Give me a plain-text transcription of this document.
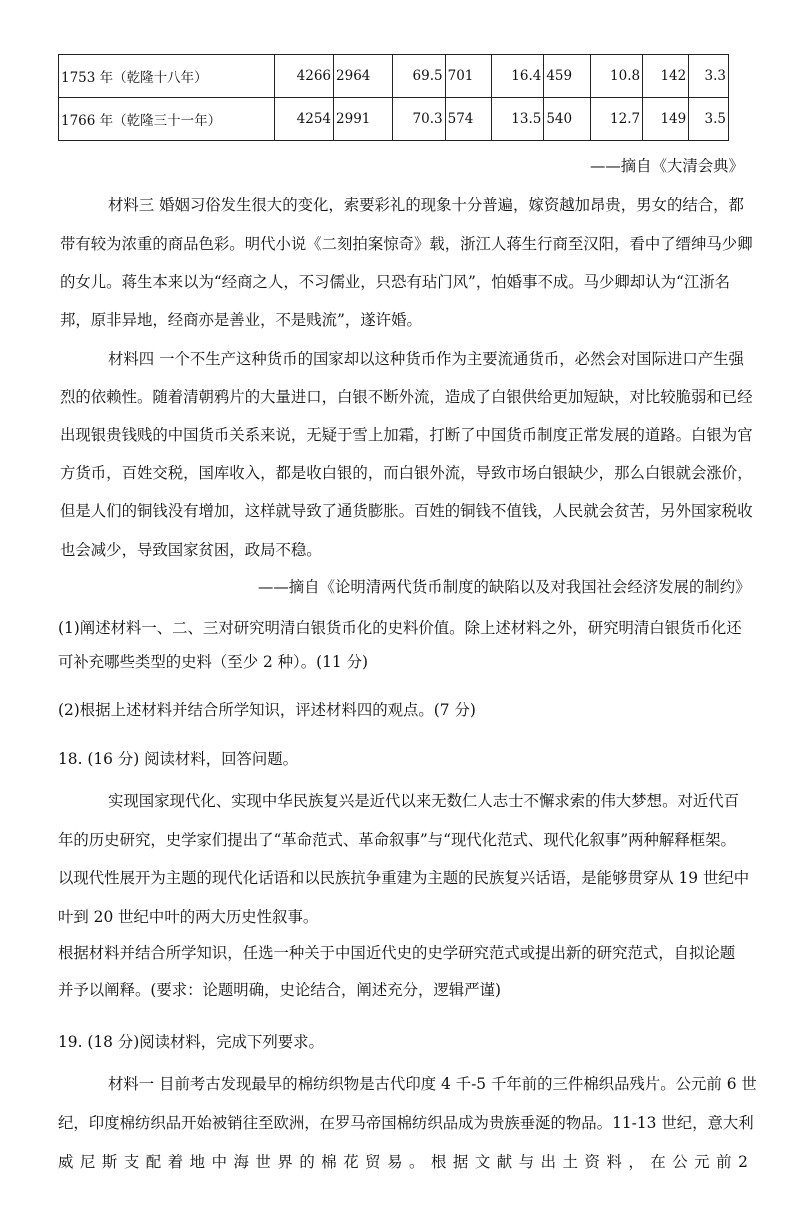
1753 年（乾隆十八年）	4266	2964	69.5	701	16.4	459	10.8	142	3.3
1766 年（乾隆三十一年）	4254	2991	70.3	574	13.5	540	12.7	149	3.5
——摘自《大清会典》
材料三 婚姻习俗发生很大的变化，索要彩礼的现象十分普遍，嫁资越加昂贵，男女的结合，都
带有较为浓重的商品色彩。明代小说《二刻拍案惊奇》载，浙江人蒋生行商至汉阳，看中了缙绅马少卿
的女儿。蒋生本来以为“经商之人，不习儒业，只恐有玷门风”，怕婚事不成。马少卿却认为“江浙名
邦，原非异地，经商亦是善业，不是贱流”，遂许婚。
材料四 一个不生产这种货币的国家却以这种货币作为主要流通货币，必然会对国际进口产生强
烈的依赖性。随着清朝鸦片的大量进口，白银不断外流，造成了白银供给更加短缺，对比较脆弱和已经
出现银贵钱贱的中国货币关系来说，无疑于雪上加霜，打断了中国货币制度正常发展的道路。白银为官
方货币，百姓交税，国库收入，都是收白银的，而白银外流，导致市场白银缺少，那么白银就会涨价，
但是人们的铜钱没有增加，这样就导致了通货膨胀。百姓的铜钱不值钱，人民就会贫苦，另外国家税收
也会减少，导致国家贫困，政局不稳。
——摘自《论明清两代货币制度的缺陷以及对我国社会经济发展的制约》
(1)阐述材料一、二、三对研究明清白银货币化的史料价值。除上述材料之外，研究明清白银货币化还
可补充哪些类型的史料（至少 2 种）。(11 分)
(2)根据上述材料并结合所学知识，评述材料四的观点。(7 分)
18. (16 分) 阅读材料，回答问题。
实现国家现代化、实现中华民族复兴是近代以来无数仁人志士不懈求索的伟大梦想。对近代百
年的历史研究，史学家们提出了“革命范式、革命叙事”与“现代化范式、现代化叙事”两种解释框架。
以现代性展开为主题的现代化话语和以民族抗争重建为主题的民族复兴话语，是能够贯穿从 19 世纪中
叶到 20 世纪中叶的两大历史性叙事。
根据材料并结合所学知识，任选一种关于中国近代史的史学研究范式或提出新的研究范式，自拟论题
并予以阐释。(要求：论题明确，史论结合，阐述充分，逻辑严谨)
19. (18 分)阅读材料，完成下列要求。
材料一 目前考古发现最早的棉纺织物是古代印度 4 千-5 千年前的三件棉织品残片。公元前 6 世
纪，印度棉纺织品开始被销往至欧洲，在罗马帝国棉纺织品成为贵族垂涎的物品。11-13 世纪，意大利
威 尼 斯 支 配 着 地 中 海 世 界 的 棉 花 贸 易 。 根 据 文 献 与 出 土 资 料 ， 在 公 元 前 2
